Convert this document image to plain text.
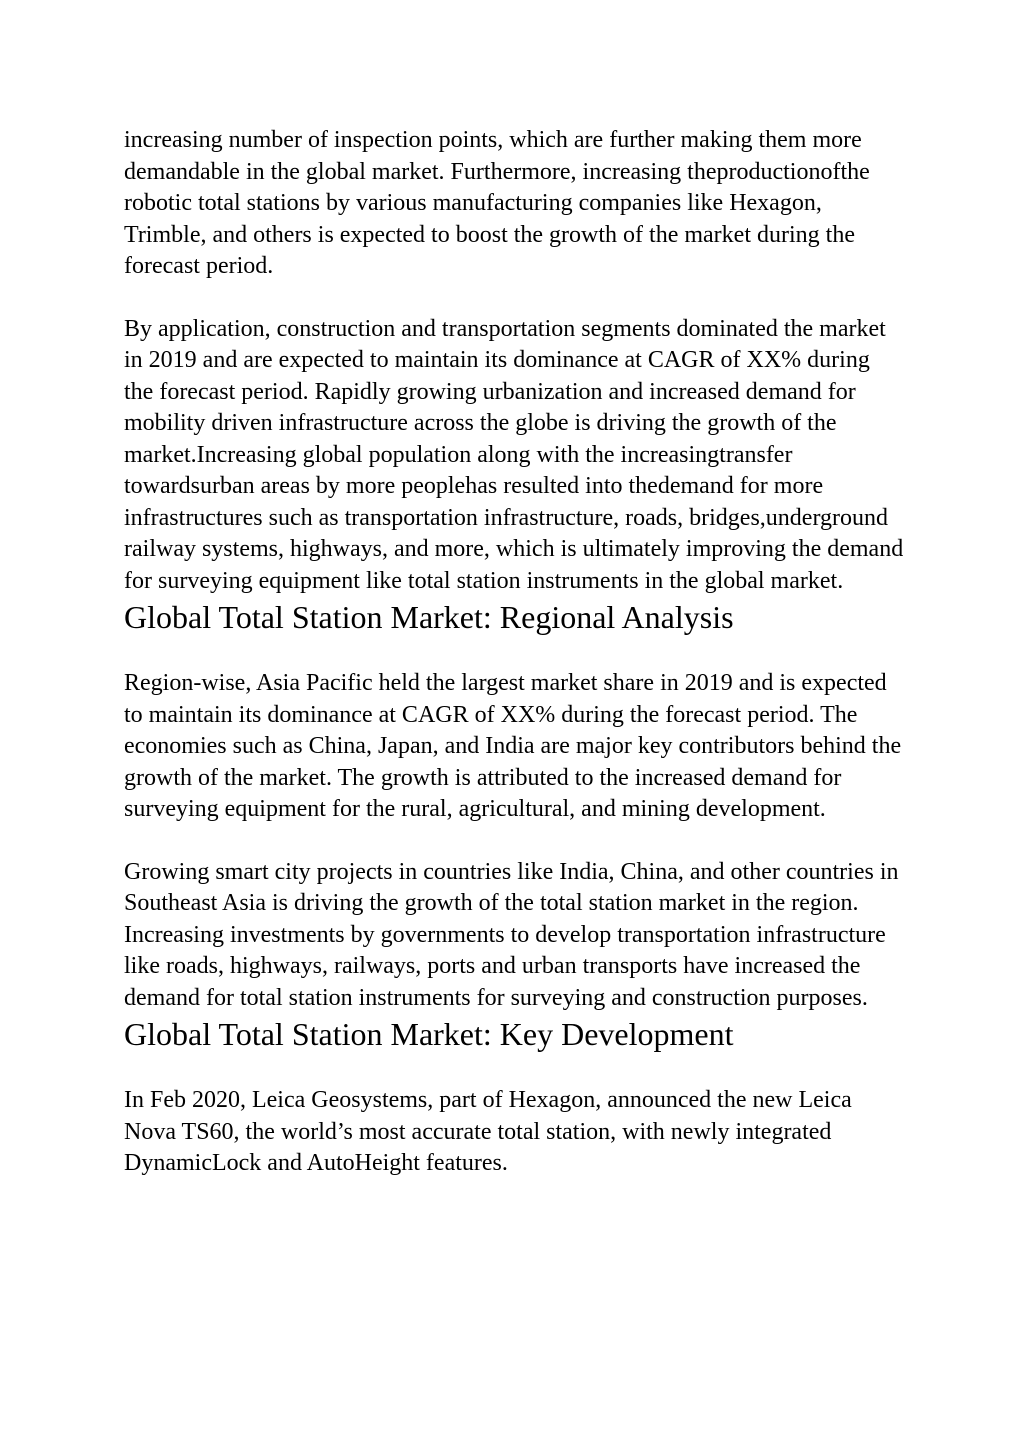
increasing number of inspection points, which are further making them more demandable in the global market. Furthermore, increasing theproductionofthe robotic total stations by various manufacturing companies like Hexagon, Trimble, and others is expected to boost the growth of the market during the forecast period.

By application, construction and transportation segments dominated the market in 2019 and are expected to maintain its dominance at CAGR of XX% during the forecast period. Rapidly growing urbanization and increased demand for mobility driven infrastructure across the globe is driving the growth of the market.Increasing global population along with the increasingtransfer towardsurban areas by more peoplehas resulted into thedemand for more infrastructures such as transportation infrastructure, roads, bridges,underground railway systems, highways, and more, which is ultimately improving the demand for surveying equipment like total station instruments in the global market.

Global Total Station Market: Regional Analysis

Region-wise, Asia Pacific held the largest market share in 2019 and is expected to maintain its dominance at CAGR of XX% during the forecast period. The economies such as China, Japan, and India are major key contributors behind the growth of the market. The growth is attributed to the increased demand for surveying equipment for the rural, agricultural, and mining development.

Growing smart city projects in countries like India, China, and other countries in Southeast Asia is driving the growth of the total station market in the region. Increasing investments by governments to develop transportation infrastructure like roads, highways, railways, ports and urban transports have increased the demand for total station instruments for surveying and construction purposes.

Global Total Station Market: Key Development

In Feb 2020, Leica Geosystems, part of Hexagon, announced the new Leica Nova TS60, the world’s most accurate total station, with newly integrated DynamicLock and AutoHeight features.
